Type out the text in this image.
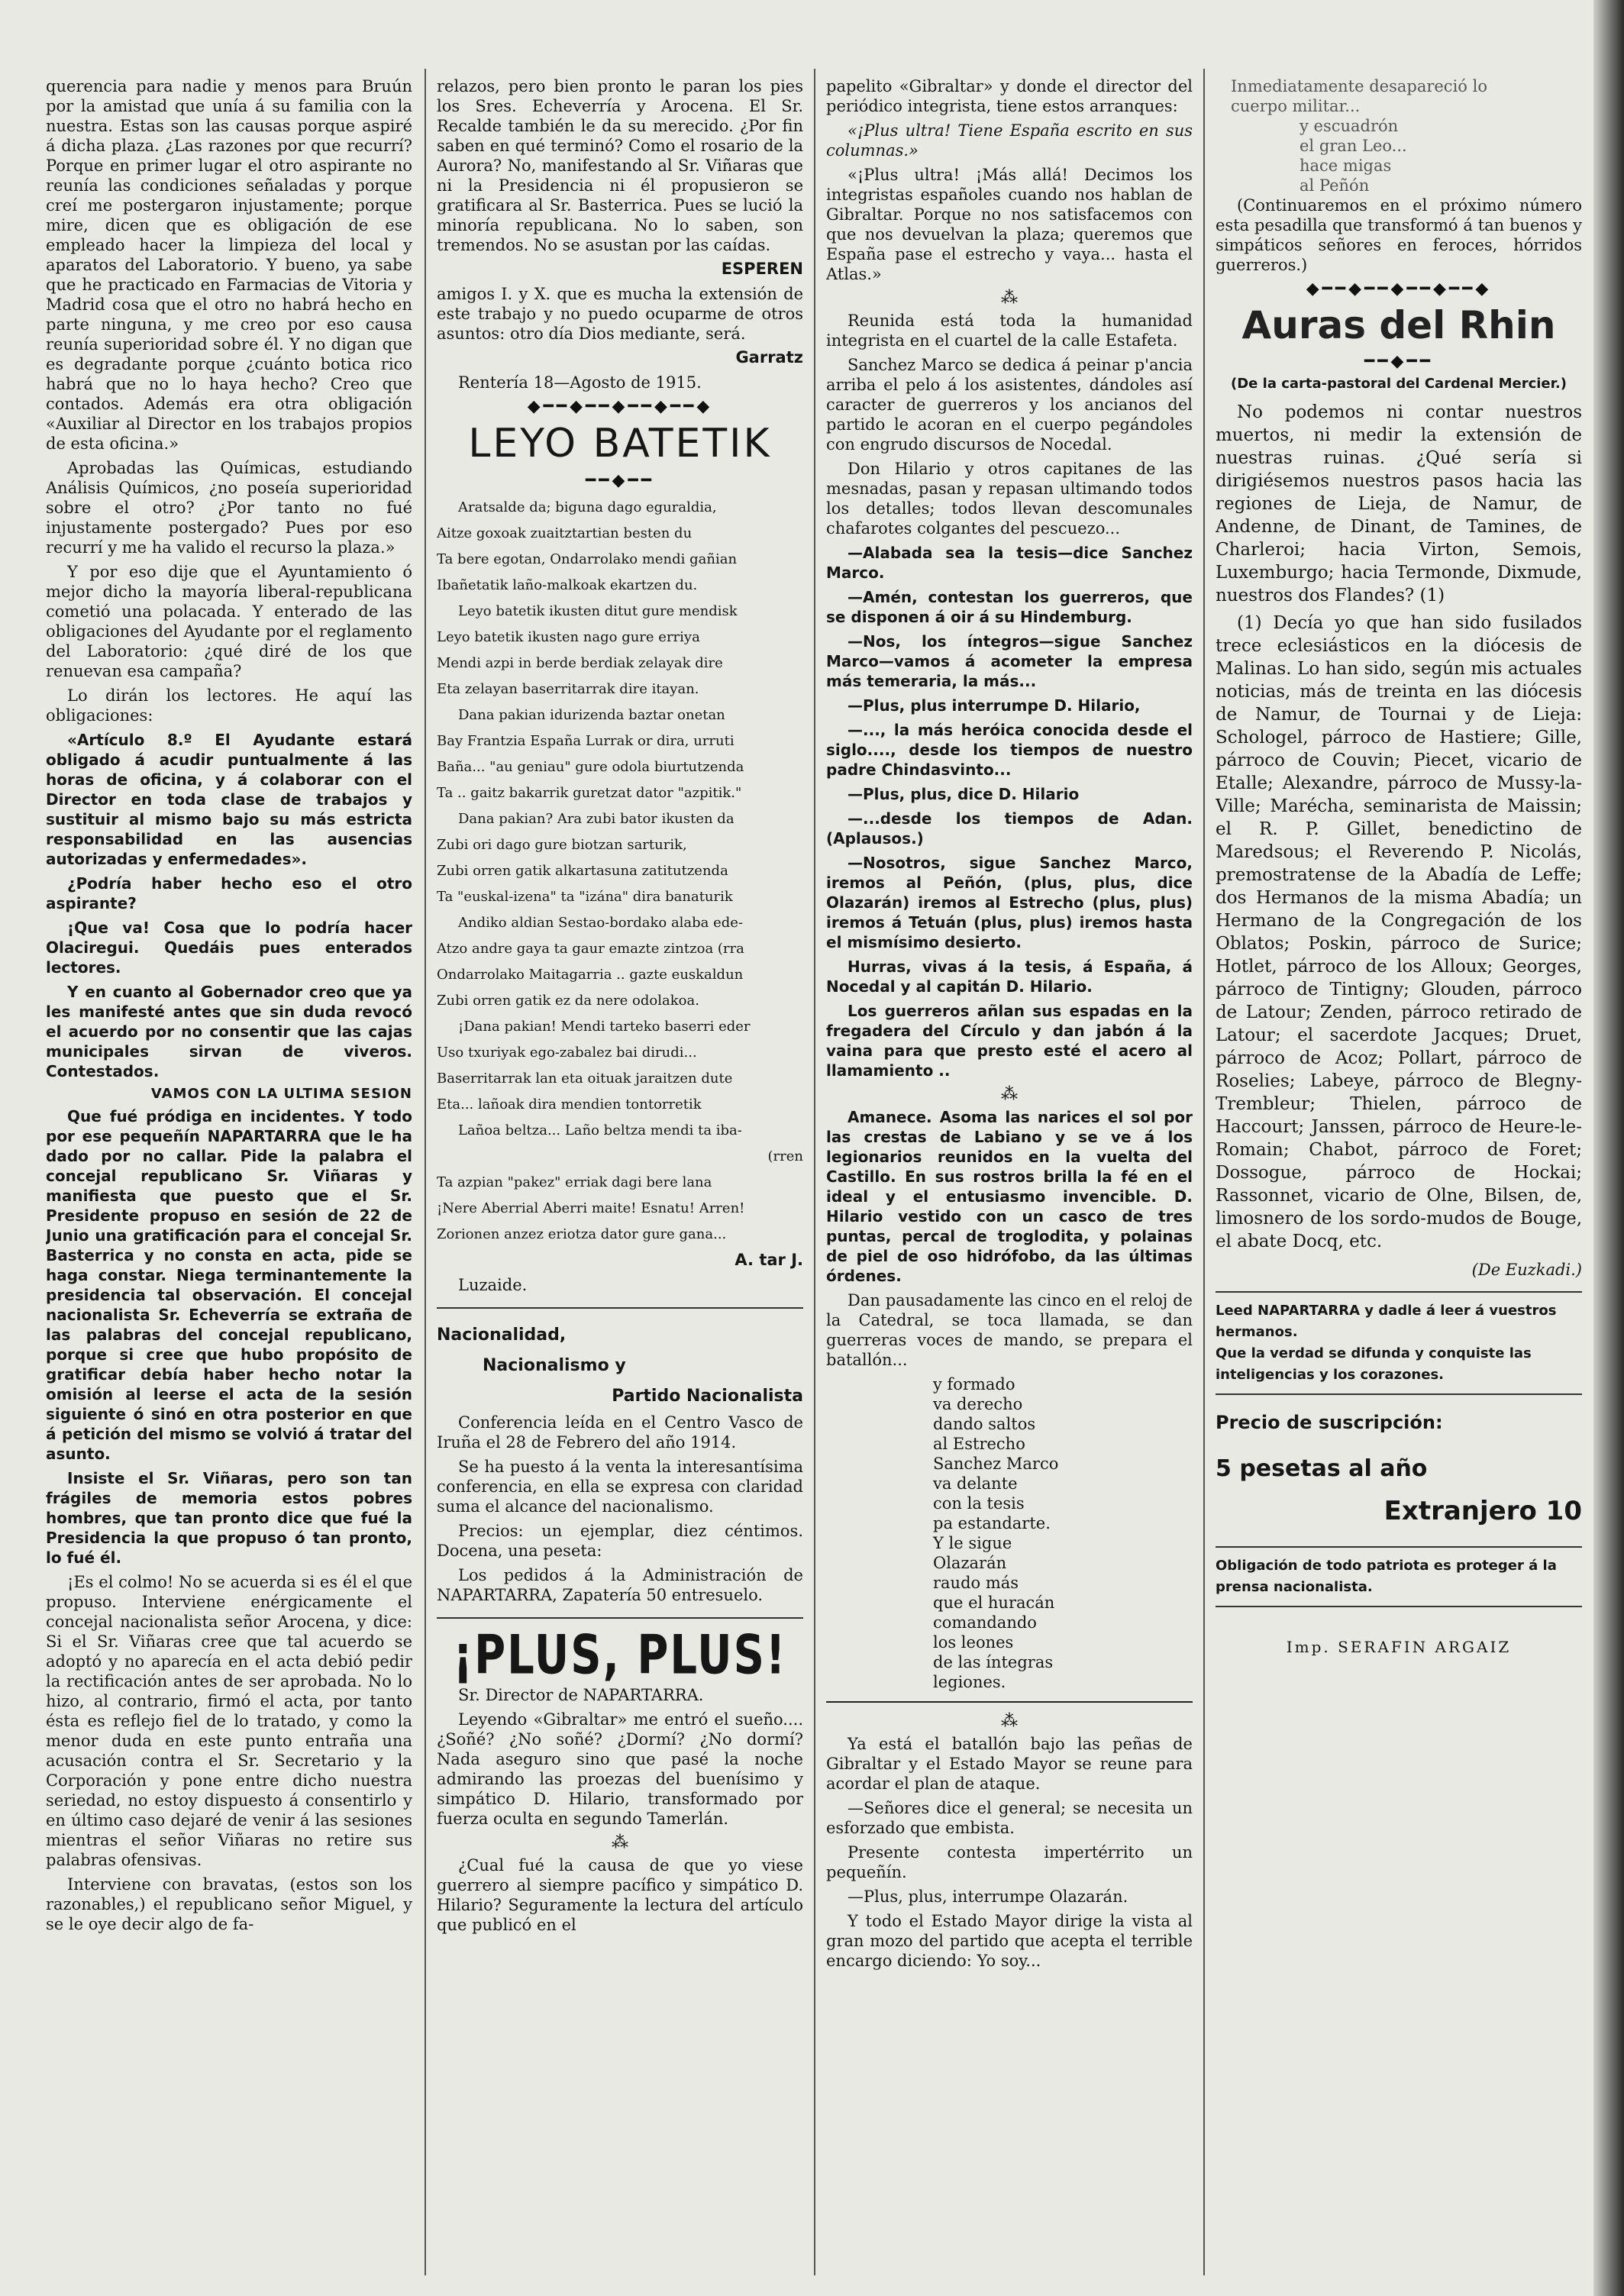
querencia para nadie y menos para Bruún por la amistad que unía á su familia con la nuestra. Estas son las causas porque aspiré á dicha plaza. ¿Las razones por que recurrí? Porque en primer lugar el otro aspirante no reunía las condiciones señaladas y porque creí me postergaron injustamente; porque mire, dicen que es obligación de ese empleado hacer la limpieza del local y aparatos del Laboratorio. Y bueno, ya sabe que he practicado en Farmacias de Vitoria y Madrid cosa que el otro no habrá hecho en parte ninguna, y me creo por eso causa reunía superioridad sobre él. Y no digan que es degradante porque ¿cuánto botica rico habrá que no lo haya hecho? Creo que contados. Además era otra obligación «Auxiliar al Director en los trabajos propios de esta oficina.»

Aprobadas las Químicas, estudiando Análisis Químicos, ¿no poseía superioridad sobre el otro? ¿Por tanto no fué injustamente postergado? Pues por eso recurrí y me ha valido el recurso la plaza.»

Y por eso dije que el Ayuntamiento ó mejor dicho la mayoría liberal-republicana cometió una polacada. Y enterado de las obligaciones del Ayudante por el reglamento del Laboratorio: ¿qué diré de los que renuevan esa campaña?

Lo dirán los lectores. He aquí las obligaciones:

«Artículo 8.º El Ayudante estará obligado á acudir puntualmente á las horas de oficina, y á colaborar con el Director en toda clase de trabajos y sustituir al mismo bajo su más estricta responsabilidad en las ausencias autorizadas y enfermedades».

¿Podría haber hecho eso el otro aspirante?

¡Que va! Cosa que lo podría hacer Olaciregui. Quedáis pues enterados lectores.

Y en cuanto al Gobernador creo que ya les manifesté antes que sin duda revocó el acuerdo por no consentir que las cajas municipales sirvan de viveros. Contestados.

VAMOS CON LA ULTIMA SESION

Que fué pródiga en incidentes. Y todo por ese pequeñín NAPARTARRA que le ha dado por no callar. Pide la palabra el concejal republicano Sr. Viñaras y manifiesta que puesto que el Sr. Presidente propuso en sesión de 22 de Junio una gratificación para el concejal Sr. Basterrica y no consta en acta, pide se haga constar. Niega terminantemente la presidencia tal observación. El concejal nacionalista Sr. Echeverría se extraña de las palabras del concejal republicano, porque si cree que hubo propósito de gratificar debía haber hecho notar la omisión al leerse el acta de la sesión siguiente ó sinó en otra posterior en que á petición del mismo se volvió á tratar del asunto.

Insiste el Sr. Viñaras, pero son tan frágiles de memoria estos pobres hombres, que tan pronto dice que fué la Presidencia la que propuso ó tan pronto, lo fué él.

¡Es el colmo! No se acuerda si es él el que propuso. Interviene enérgicamente el concejal nacionalista señor Arocena, y dice: Si el Sr. Viñaras cree que tal acuerdo se adoptó y no aparecía en el acta debió pedir la rectificación antes de ser aprobada. No lo hizo, al contrario, firmó el acta, por tanto ésta es reflejo fiel de lo tratado, y como la menor duda en este punto entraña una acusación contra el Sr. Secretario y la Corporación y pone entre dicho nuestra seriedad, no estoy dispuesto á consentirlo y en último caso dejaré de venir á las sesiones mientras el señor Viñaras no retire sus palabras ofensivas.

Interviene con bravatas, (estos son los razonables,) el republicano señor Miguel, y se le oye decir algo de fa-

relazos, pero bien pronto le paran los pies los Sres. Echeverría y Arocena. El Sr. Recalde también le da su merecido. ¿Por fin saben en qué terminó? Como el rosario de la Aurora? No, manifestando al Sr. Viñaras que ni la Presidencia ni él propusieron se gratificara al Sr. Basterrica. Pues se lució la minoría republicana. No lo saben, son tremendos. No se asustan por las caídas.

ESPEREN

amigos I. y X. que es mucha la extensión de este trabajo y no puedo ocuparme de otros asuntos: otro día Dios mediante, será.

Garratz

Rentería 18—Agosto de 1915.

◆━━◆━━◆━━◆━━◆
LEYO BATETIK
━━◆━━

Aratsalde da; biguna dago eguraldia,

Aitze goxoak zuaitztartian besten du

Ta bere egotan, Ondarrolako mendi gañian

Ibañetatik laño-malkoak ekartzen du.

Leyo batetik ikusten ditut gure mendisk

Leyo batetik ikusten nago gure erriya

Mendi azpi in berde berdiak zelayak dire

Eta zelayan baserritarrak dire itayan.

Dana pakian idurizenda baztar onetan

Bay Frantzia España Lurrak or dira, urruti

Baña... "au geniau" gure odola biurtutzenda

Ta .. gaitz bakarrik guretzat dator "azpitik."

Dana pakian? Ara zubi bator ikusten da

Zubi ori dago gure biotzan sarturik,

Zubi orren gatik alkartasuna zatitutzenda

Ta "euskal-izena" ta "izána" dira banaturik

Andiko aldian Sestao-bordako alaba ede-

Atzo andre gaya ta gaur emazte zintzoa (rra

Ondarrolako Maitagarria .. gazte euskaldun

Zubi orren gatik ez da nere odolakoa.

¡Dana pakian! Mendi tarteko baserri eder

Uso txuriyak ego-zabalez bai dirudi...

Baserritarrak lan eta oituak jaraitzen dute

Eta... lañoak dira mendien tontorretik

Lañoa beltza... Laño beltza mendi ta iba-

(rren

Ta azpian "pakez" erriak dagi bere lana

¡Nere Aberrial Aberri maite! Esnatu! Arren!

Zorionen anzez eriotza dator gure gana...

A. tar J.

Luzaide.

Nacionalidad,
Nacionalismo y
Partido Nacionalista

Conferencia leída en el Centro Vasco de Iruña el 28 de Febrero del año 1914.

Se ha puesto á la venta la interesantísima conferencia, en ella se expresa con claridad suma el alcance del nacionalismo.

Precios: un ejemplar, diez céntimos. Docena, una peseta:

Los pedidos á la Administración de NAPARTARRA, Zapatería 50 entresuelo.

¡PLUS, PLUS!

Sr. Director de NAPARTARRA.

Leyendo «Gibraltar» me entró el sueño.... ¿Soñé? ¿No soñé? ¿Dormí? ¿No dormí? Nada aseguro sino que pasé la noche admirando las proezas del buenísimo y simpático D. Hilario, transformado por fuerza oculta en segundo Tamerlán.

⁂

¿Cual fué la causa de que yo viese guerrero al siempre pacífico y simpático D. Hilario? Seguramente la lectura del artículo que publicó en el

papelito «Gibraltar» y donde el director del periódico integrista, tiene estos arranques:

«¡Plus ultra! Tiene España escrito en sus columnas.»

«¡Plus ultra! ¡Más allá! Decimos los integristas españoles cuando nos hablan de Gibraltar. Porque no nos satisfacemos con que nos devuelvan la plaza; queremos que España pase el estrecho y vaya... hasta el Atlas.»

⁂

Reunida está toda la humanidad integrista en el cuartel de la calle Estafeta.

Sanchez Marco se dedica á peinar p'ancia arriba el pelo á los asistentes, dándoles así caracter de guerreros y los ancianos del partido le acoran en el cuerpo pegándoles con engrudo discursos de Nocedal.

Don Hilario y otros capitanes de las mesnadas, pasan y repasan ultimando todos los detalles; todos llevan descomunales chafarotes colgantes del pescuezo...

—Alabada sea la tesis—dice Sanchez Marco.

—Amén, contestan los guerreros, que se disponen á oir á su Hindemburg.

—Nos, los íntegros—sigue Sanchez Marco—vamos á acometer la empresa más temeraria, la más...

—Plus, plus interrumpe D. Hilario,

—..., la más heróica conocida desde el siglo...., desde los tiempos de nuestro padre Chindasvinto...

—Plus, plus, dice D. Hilario

—...desde los tiempos de Adan. (Aplausos.)

—Nosotros, sigue Sanchez Marco, iremos al Peñón, (plus, plus, dice Olazarán) iremos al Estrecho (plus, plus) iremos á Tetuán (plus, plus) iremos hasta el mismísimo desierto.

Hurras, vivas á la tesis, á España, á Nocedal y al capitán D. Hilario.

Los guerreros añlan sus espadas en la fregadera del Círculo y dan jabón á la vaina para que presto esté el acero al llamamiento ..

⁂

Amanece. Asoma las narices el sol por las crestas de Labiano y se ve á los legionarios reunidos en la vuelta del Castillo. En sus rostros brilla la fé en el ideal y el entusiasmo invencible. D. Hilario vestido con un casco de tres puntas, percal de troglodita, y polainas de piel de oso hidrófobo, da las últimas órdenes.

Dan pausadamente las cinco en el reloj de la Catedral, se toca llamada, se dan guerreras voces de mando, se prepara el batallón...

y formado
va derecho
dando saltos
al Estrecho
Sanchez Marco
va delante
con la tesis
pa estandarte.
Y le sigue
Olazarán
raudo más
que el huracán
comandando
los leones
de las íntegras
legiones.
⁂

Ya está el batallón bajo las peñas de Gibraltar y el Estado Mayor se reune para acordar el plan de ataque.

—Señores dice el general; se necesita un esforzado que embista.

Presente contesta impertérrito un pequeñín.

—Plus, plus, interrumpe Olazarán.

Y todo el Estado Mayor dirige la vista al gran mozo del partido que acepta el terrible encargo diciendo: Yo soy...

Inmediatamente desapareció lo
cuerpo militar...
y escuadrón
el gran Leo...
hace migas
al Peñón

(Continuaremos en el próximo número esta pesadilla que transformó á tan buenos y simpáticos señores en feroces, hórridos guerreros.)

◆━━◆━━◆━━◆━━◆
Auras del Rhin
━━◆━━
(De la carta-pastoral del Cardenal Mercier.)

No podemos ni contar nuestros muertos, ni medir la extensión de nuestras ruinas. ¿Qué sería si dirigiésemos nuestros pasos hacia las regiones de Lieja, de Namur, de Andenne, de Dinant, de Tamines, de Charleroi; hacia Virton, Semois, Luxemburgo; hacia Termonde, Dixmude, nuestros dos Flandes? (1)

(1) Decía yo que han sido fusilados trece eclesiásticos en la diócesis de Malinas. Lo han sido, según mis actuales noticias, más de treinta en las diócesis de Namur, de Tournai y de Lieja: Schologel, párroco de Hastiere; Gille, párroco de Couvin; Piecet, vicario de Etalle; Alexandre, párroco de Mussy-la-Ville; Marécha, seminarista de Maissin; el R. P. Gillet, benedictino de Maredsous; el Reverendo P. Nicolás, premostratense de la Abadía de Leffe; dos Hermanos de la misma Abadía; un Hermano de la Congregación de los Oblatos; Poskin, párroco de Surice; Hotlet, párroco de los Alloux; Georges, párroco de Tintigny; Glouden, párroco de Latour; Zenden, párroco retirado de Latour; el sacerdote Jacques; Druet, párroco de Acoz; Pollart, párroco de Roselies; Labeye, párroco de Blegny-Trembleur; Thielen, párroco de Haccourt; Janssen, párroco de Heure-le-Romain; Chabot, párroco de Foret; Dossogue, párroco de Hockai; Rassonnet, vicario de Olne, Bilsen, de, limosnero de los sordo-mudos de Bouge, el abate Docq, etc.

(De Euzkadi.)
Leed NAPARTARRA y dadle á leer á vuestros hermanos.
Que la verdad se difunda y conquiste las inteligencias y los corazones.
Precio de suscripción:
5 pesetas al año
Extranjero 10
Obligación de todo patriota es proteger á la prensa nacionalista.
Imp. SERAFIN ARGAIZ
